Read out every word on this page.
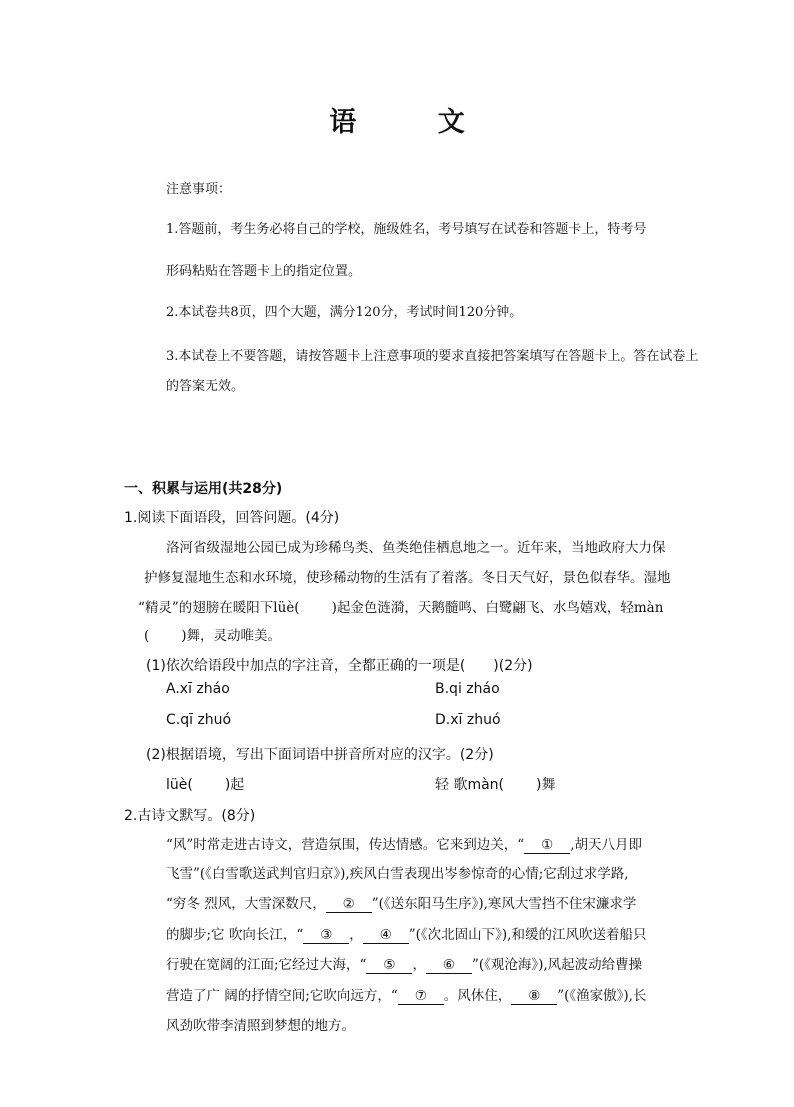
语 文
注意事项：
1.答题前，考生务必将自己的学校，施级姓名，考号填写在试卷和答题卡上，特考号
形码粘贴在答题卡上的指定位置。
2.本试卷共8页，四个大题，满分120分，考试时间120分钟。
3.本试卷上不要答题，请按答题卡上注意事项的要求直接把答案填写在答题卡上。答在试卷上的答案无效。
一、积累与运用(共28分)
1.阅读下面语段，回答问题。(4分)
洛河省级湿地公园已成为珍稀鸟类、鱼类绝佳栖息地之一。近年来，当地政府大力保
护修复湿地生态和水环境，使珍稀动物的生活有了着落。冬日天气好，景色似春华。湿地
“精灵”的翅膀在暖阳下lüè( )起金色涟漪，天鹅髓鸣、白鹭翩飞、水鸟嬉戏，轻màn
( )舞，灵动唯美。
(1)依次给语段中加点的字注音，全都正确的一项是(　　)(2分)
A.xī zháo	B.qi zháo
C.qī zhuó	D.xī zhuó
(2)根据语境，写出下面词语中拼音所对应的汉字。(2分)
lüè( )起	轻 歌màn( )舞
2.古诗文默写。(8分)
“风”时常走进古诗文，营造氛围，传达情感。它来到边关，“ ① ,胡天八月即
飞雪”(《白雪歌送武判官归京》),疾风白雪表现出岑参惊奇的心情;它刮过求学路,
“穷冬 烈风，大雪深数尺， ② ”(《送东阳马生序》),寒风大雪挡不住宋濂求学
的脚步;它 吹向长江，“ ③ ， ④ ”(《次北固山下》),和缓的江风吹送着船只
行驶在宽阔的江面;它经过大海，“ ⑤ ， ⑥ ”(《观沧海》),风起波动给曹操
营造了广 阔的抒情空间;它吹向远方，“ ⑦ 。风休住， ⑧ ”(《渔家傲》),长
风劲吹带李清照到梦想的地方。
